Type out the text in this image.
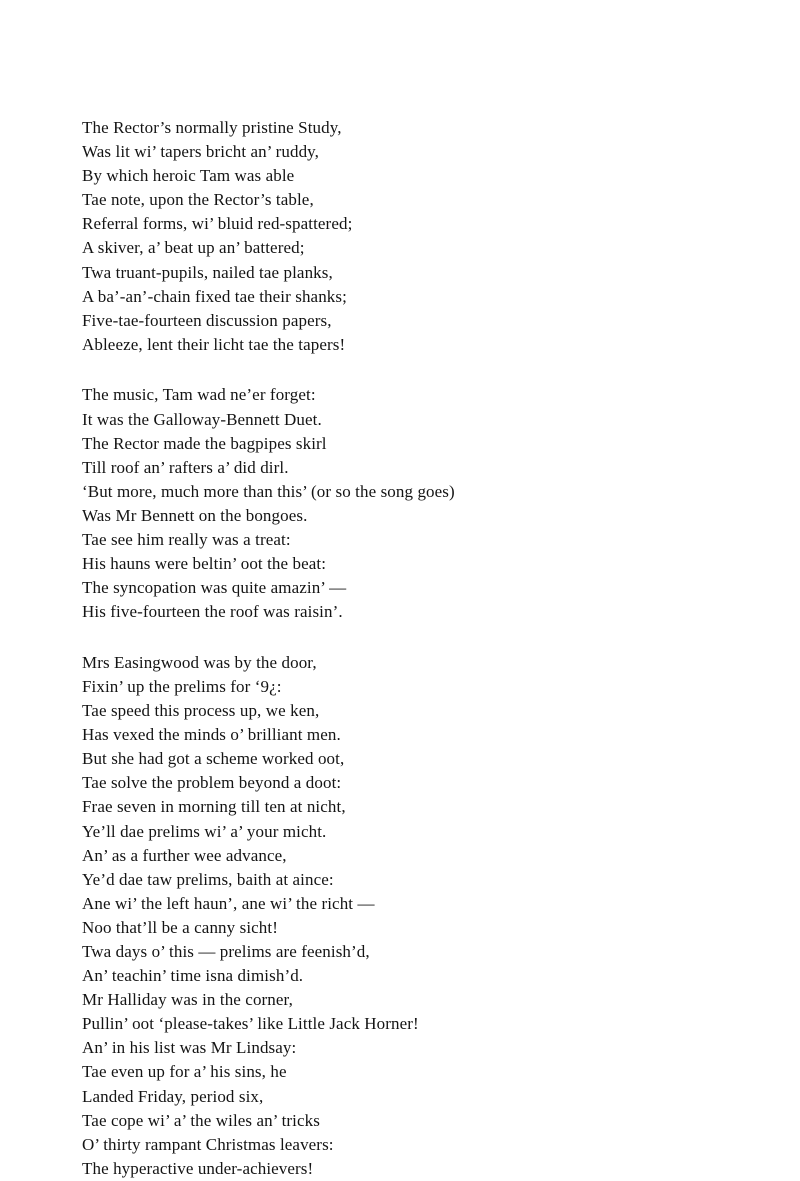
The Rector’s normally pristine Study,
Was lit wi’ tapers bricht an’ ruddy,
By which heroic Tam was able
Tae note, upon the Rector’s table,
Referral forms, wi’ bluid red-spattered;
A skiver, a’ beat up an’ battered;
Twa truant-pupils, nailed tae planks,
A ba’-an’-chain fixed tae their shanks;
Five-tae-fourteen discussion papers,
Ableeze, lent their licht tae the tapers!
The music, Tam wad ne’er forget:
It was the Galloway-Bennett Duet.
The Rector made the bagpipes skirl
Till roof an’ rafters a’ did dirl.
‘But more, much more than this’ (or so the song goes)
Was Mr Bennett on the bongoes.
Tae see him really was a treat:
His hauns were beltin’ oot the beat:
The syncopation was quite amazin’ —
His five-fourteen the roof was raisin’.
Mrs Easingwood was by the door,
Fixin’ up the prelims for ‘9¿:
Tae speed this process up, we ken,
Has vexed the minds o’ brilliant men.
But she had got a scheme worked oot,
Tae solve the problem beyond a doot:
Frae seven in morning till ten at nicht,
Ye’ll dae prelims wi’ a’ your micht.
An’ as a further wee advance,
Ye’d dae taw prelims, baith at aince:
Ane wi’ the left haun’, ane wi’ the richt —
Noo that’ll be a canny sicht!
Twa days o’ this — prelims are feenish’d,
An’ teachin’ time isna dimish’d.
Mr Halliday was in the corner,
Pullin’ oot ‘please-takes’ like Little Jack Horner!
An’ in his list was Mr Lindsay:
Tae even up for a’ his sins, he
Landed Friday, period six,
Tae cope wi’ a’ the wiles an’ tricks
O’ thirty rampant Christmas leavers:
The hyperactive under-achievers!
